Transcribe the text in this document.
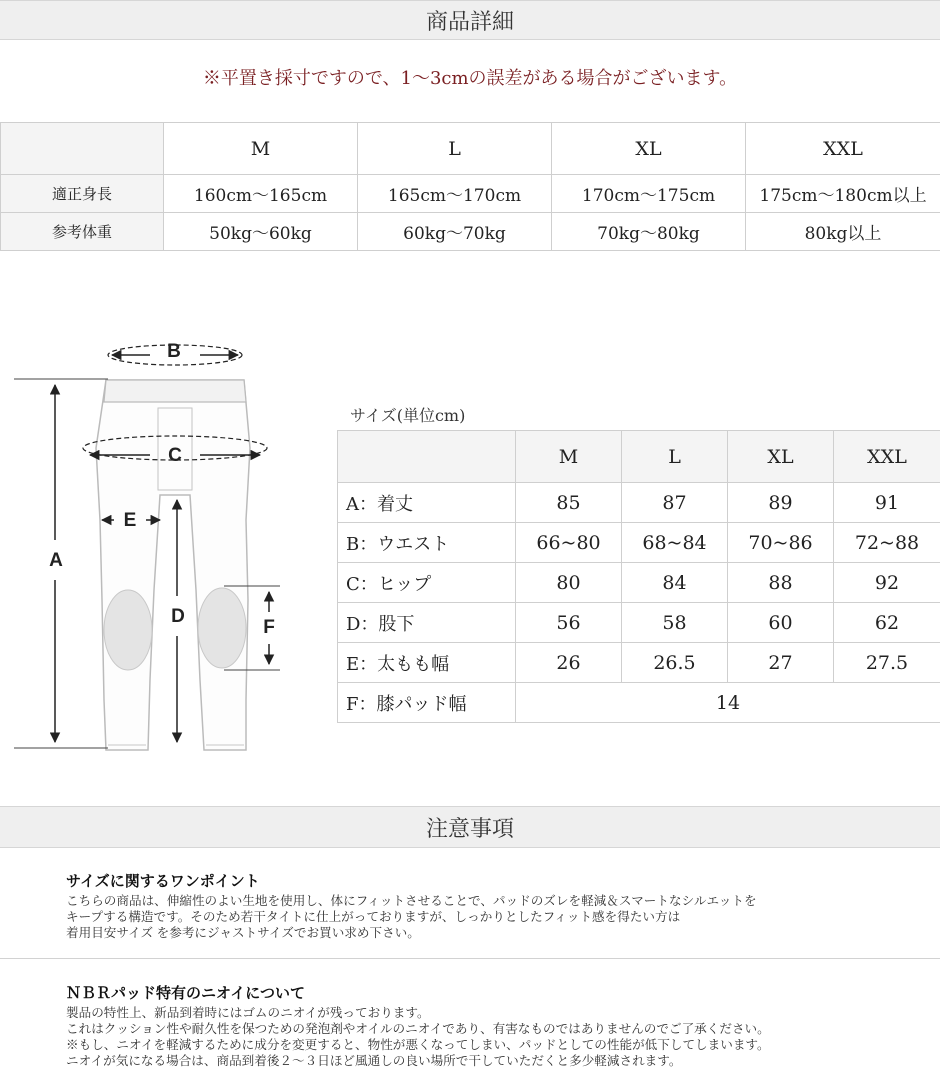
商品詳細
※平置き採寸ですので、1〜3cmの誤差がある場合がございます。
	M	L	XL	XXL
適正身長	160cm〜165cm	165cm〜170cm	170cm〜175cm	175cm〜180cm以上
参考体重	50kg〜60kg	60kg〜70kg	70kg〜80kg	80kg以上
B
C
A
D
E
F
サイズ(単位cm)
	M	L	XL	XXL
A：着丈	85	87	89	91
B：ウエスト	66~80	68~84	70~86	72~88
C：ヒップ	80	84	88	92
D：股下	56	58	60	62
E：太もも幅	26	26.5	27	27.5
F：膝パッド幅	14			
注意事項
サイズに関するワンポイント

こちらの商品は、伸縮性のよい生地を使用し、体にフィットさせることで、パッドのズレを軽減＆スマートなシルエットを

キープする構造です。そのため若干タイトに仕上がっておりますが、しっかりとしたフィット感を得たい方は

着用目安サイズ を参考にジャストサイズでお買い求め下さい。

ＮＢＲパッド特有のニオイについて

製品の特性上、新品到着時にはゴムのニオイが残っております。

これはクッション性や耐久性を保つための発泡剤やオイルのニオイであり、有害なものではありませんのでご了承ください。

※もし、ニオイを軽減するために成分を変更すると、物性が悪くなってしまい、パッドとしての性能が低下してしまいます。

ニオイが気になる場合は、商品到着後２〜３日ほど風通しの良い場所で干していただくと多少軽減されます。
